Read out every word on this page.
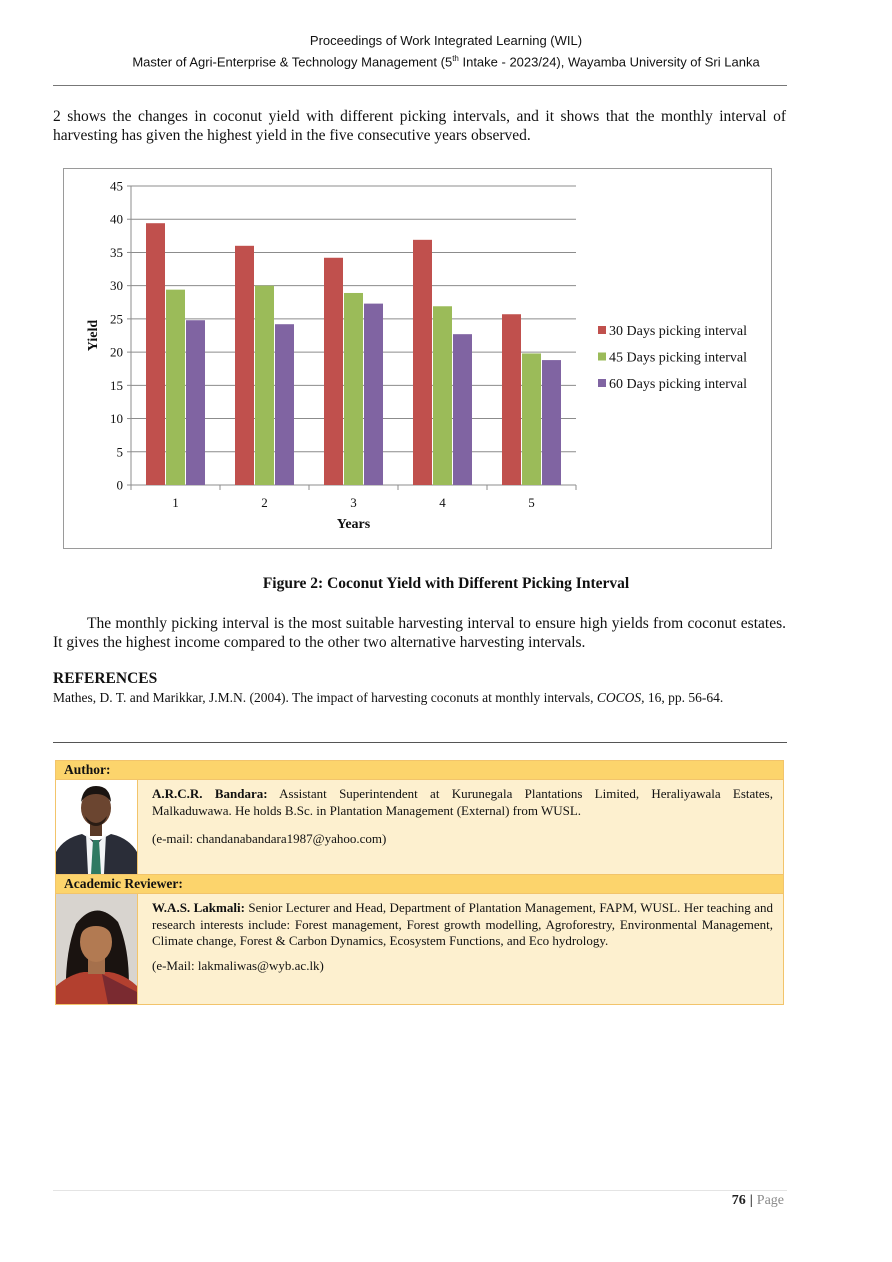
Proceedings of Work Integrated Learning (WIL)
Master of Agri-Enterprise & Technology Management (5th Intake - 2023/24), Wayamba University of Sri Lanka
2 shows the changes in coconut yield with different picking intervals, and it shows that the monthly interval of harvesting has given the highest yield in the five consecutive years observed.
0
5
10
15
20
25
30
35
40
45
1	2	3	4	5
Years
Yield	30 Days picking interval
45 Days picking interval
60 Days picking interval
Figure 2: Coconut Yield with Different Picking Interval
The monthly picking interval is the most suitable harvesting interval to ensure high yields from coconut estates. It gives the highest income compared to the other two alternative harvesting intervals.
REFERENCES
Mathes, D. T. and Marikkar, J.M.N. (2004). The impact of harvesting coconuts at monthly intervals, COCOS, 16, pp. 56-64.
Author:
A.R.C.R. Bandara: Assistant Superintendent at Kurunegala Plantations Limited, Heraliyawala Estates, Malkaduwawa. He holds B.Sc. in Plantation Management (External) from WUSL.
(e-mail: chandanabandara1987@yahoo.com)
Academic Reviewer:
W.A.S. Lakmali: Senior Lecturer and Head, Department of Plantation Management, FAPM, WUSL. Her teaching and research interests include: Forest management, Forest growth modelling, Agroforestry, Environmental Management, Climate change, Forest & Carbon Dynamics, Ecosystem Functions, and Eco hydrology.
(e-Mail: lakmaliwas@wyb.ac.lk)
76 | Page
